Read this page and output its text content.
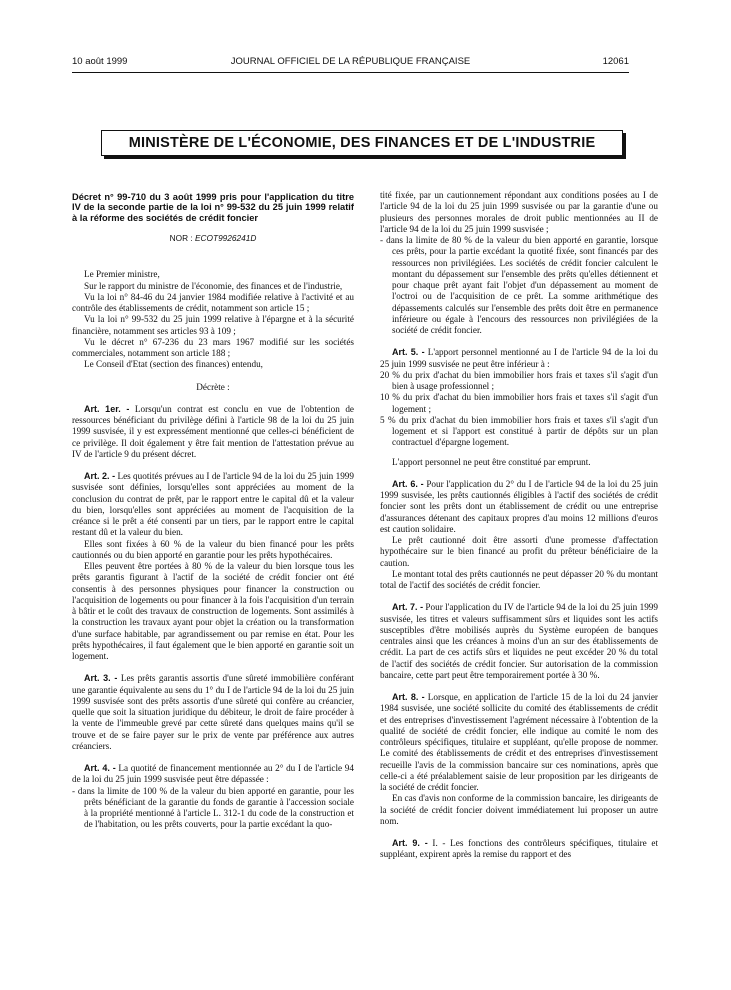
10 août 1999	JOURNAL OFFICIEL DE LA RÉPUBLIQUE FRANÇAISE	12061
MINISTÈRE DE L'ÉCONOMIE, DES FINANCES ET DE L'INDUSTRIE

Décret n° 99-710 du 3 août 1999 pris pour l'application du titre IV de la seconde partie de la loi n° 99-532 du 25 juin 1999 relatif à la réforme des sociétés de crédit foncier

NOR : ECOT9926241D

Le Premier ministre,

Sur le rapport du ministre de l'économie, des finances et de l'industrie,

Vu la loi n° 84-46 du 24 janvier 1984 modifiée relative à l'activité et au contrôle des établissements de crédit, notamment son article 15 ;

Vu la loi n° 99-532 du 25 juin 1999 relative à l'épargne et à la sécurité financière, notamment ses articles 93 à 109 ;

Vu le décret n° 67-236 du 23 mars 1967 modifié sur les sociétés commerciales, notamment son article 188 ;

Le Conseil d'Etat (section des finances) entendu,

Décrète :

Art. 1er. - Lorsqu'un contrat est conclu en vue de l'obtention de ressources bénéficiant du privilège défini à l'article 98 de la loi du 25 juin 1999 susvisée, il y est expressément mentionné que celles-ci bénéficient de ce privilège. Il doit également y être fait mention de l'attestation prévue au IV de l'article 9 du présent décret.

Art. 2. - Les quotités prévues au I de l'article 94 de la loi du 25 juin 1999 susvisée sont définies, lorsqu'elles sont appréciées au moment de la conclusion du contrat de prêt, par le rapport entre le capital dû et la valeur du bien, lorsqu'elles sont appréciées au moment de l'acquisition de la créance si le prêt a été consenti par un tiers, par le rapport entre le capital restant dû et la valeur du bien.

Elles sont fixées à 60 % de la valeur du bien financé pour les prêts cautionnés ou du bien apporté en garantie pour les prêts hypothécaires.

Elles peuvent être portées à 80 % de la valeur du bien lorsque tous les prêts garantis figurant à l'actif de la société de crédit foncier ont été consentis à des personnes physiques pour financer la construction ou l'acquisition de logements ou pour financer à la fois l'acquisition d'un terrain à bâtir et le coût des travaux de construction de logements. Sont assimilés à la construction les travaux ayant pour objet la création ou la transformation d'une surface habitable, par agrandissement ou par remise en état. Pour les prêts hypothécaires, il faut également que le bien apporté en garantie soit un logement.

Art. 3. - Les prêts garantis assortis d'une sûreté immobilière conférant une garantie équivalente au sens du 1° du I de l'article 94 de la loi du 25 juin 1999 susvisée sont des prêts assortis d'une sûreté qui confère au créancier, quelle que soit la situation juridique du débiteur, le droit de faire procéder à la vente de l'immeuble grevé par cette sûreté dans quelques mains qu'il se trouve et de se faire payer sur le prix de vente par préférence aux autres créanciers.

Art. 4. - La quotité de financement mentionnée au 2° du I de l'article 94 de la loi du 25 juin 1999 susvisée peut être dépassée :

- dans la limite de 100 % de la valeur du bien apporté en garantie, pour les prêts bénéficiant de la garantie du fonds de garantie à l'accession sociale à la propriété mentionné à l'article L. 312-1 du code de la construction et de l'habitation, ou les prêts couverts, pour la partie excédant la quo-

tité fixée, par un cautionnement répondant aux conditions posées au I de l'article 94 de la loi du 25 juin 1999 susvisée ou par la garantie d'une ou plusieurs des personnes morales de droit public mentionnées au II de l'article 94 de la loi du 25 juin 1999 susvisée ;

- dans la limite de 80 % de la valeur du bien apporté en garantie, lorsque ces prêts, pour la partie excédant la quotité fixée, sont financés par des ressources non privilégiées. Les sociétés de crédit foncier calculent le montant du dépassement sur l'ensemble des prêts qu'elles détiennent et pour chaque prêt ayant fait l'objet d'un dépassement au moment de l'octroi ou de l'acquisition de ce prêt. La somme arithmétique des dépassements calculés sur l'ensemble des prêts doit être en permanence inférieure ou égale à l'encours des ressources non privilégiées de la société de crédit foncier.

Art. 5. - L'apport personnel mentionné au I de l'article 94 de la loi du 25 juin 1999 susvisée ne peut être inférieur à :

20 % du prix d'achat du bien immobilier hors frais et taxes s'il s'agit d'un bien à usage professionnel ;

10 % du prix d'achat du bien immobilier hors frais et taxes s'il s'agit d'un logement ;

5 % du prix d'achat du bien immobilier hors frais et taxes s'il s'agit d'un logement et si l'apport est constitué à partir de dépôts sur un plan contractuel d'épargne logement.

L'apport personnel ne peut être constitué par emprunt.

Art. 6. - Pour l'application du 2° du I de l'article 94 de la loi du 25 juin 1999 susvisée, les prêts cautionnés éligibles à l'actif des sociétés de crédit foncier sont les prêts dont un établissement de crédit ou une entreprise d'assurances détenant des capitaux propres d'au moins 12 millions d'euros est caution solidaire.

Le prêt cautionné doit être assorti d'une promesse d'affectation hypothécaire sur le bien financé au profit du prêteur bénéficiaire de la caution.

Le montant total des prêts cautionnés ne peut dépasser 20 % du montant total de l'actif des sociétés de crédit foncier.

Art. 7. - Pour l'application du IV de l'article 94 de la loi du 25 juin 1999 susvisée, les titres et valeurs suffisamment sûrs et liquides sont les actifs susceptibles d'être mobilisés auprès du Système européen de banques centrales ainsi que les créances à moins d'un an sur des établissements de crédit. La part de ces actifs sûrs et liquides ne peut excéder 20 % du total de l'actif des sociétés de crédit foncier. Sur autorisation de la commission bancaire, cette part peut être temporairement portée à 30 %.

Art. 8. - Lorsque, en application de l'article 15 de la loi du 24 janvier 1984 susvisée, une société sollicite du comité des établissements de crédit et des entreprises d'investissement l'agrément nécessaire à l'obtention de la qualité de société de crédit foncier, elle indique au comité le nom des contrôleurs spécifiques, titulaire et suppléant, qu'elle propose de nommer. Le comité des établissements de crédit et des entreprises d'investissement recueille l'avis de la commission bancaire sur ces nominations, après que celle-ci a été préalablement saisie de leur proposition par les dirigeants de la société de crédit foncier.

En cas d'avis non conforme de la commission bancaire, les dirigeants de la société de crédit foncier doivent immédiatement lui proposer un autre nom.

Art. 9. - I. - Les fonctions des contrôleurs spécifiques, titulaire et suppléant, expirent après la remise du rapport et des
